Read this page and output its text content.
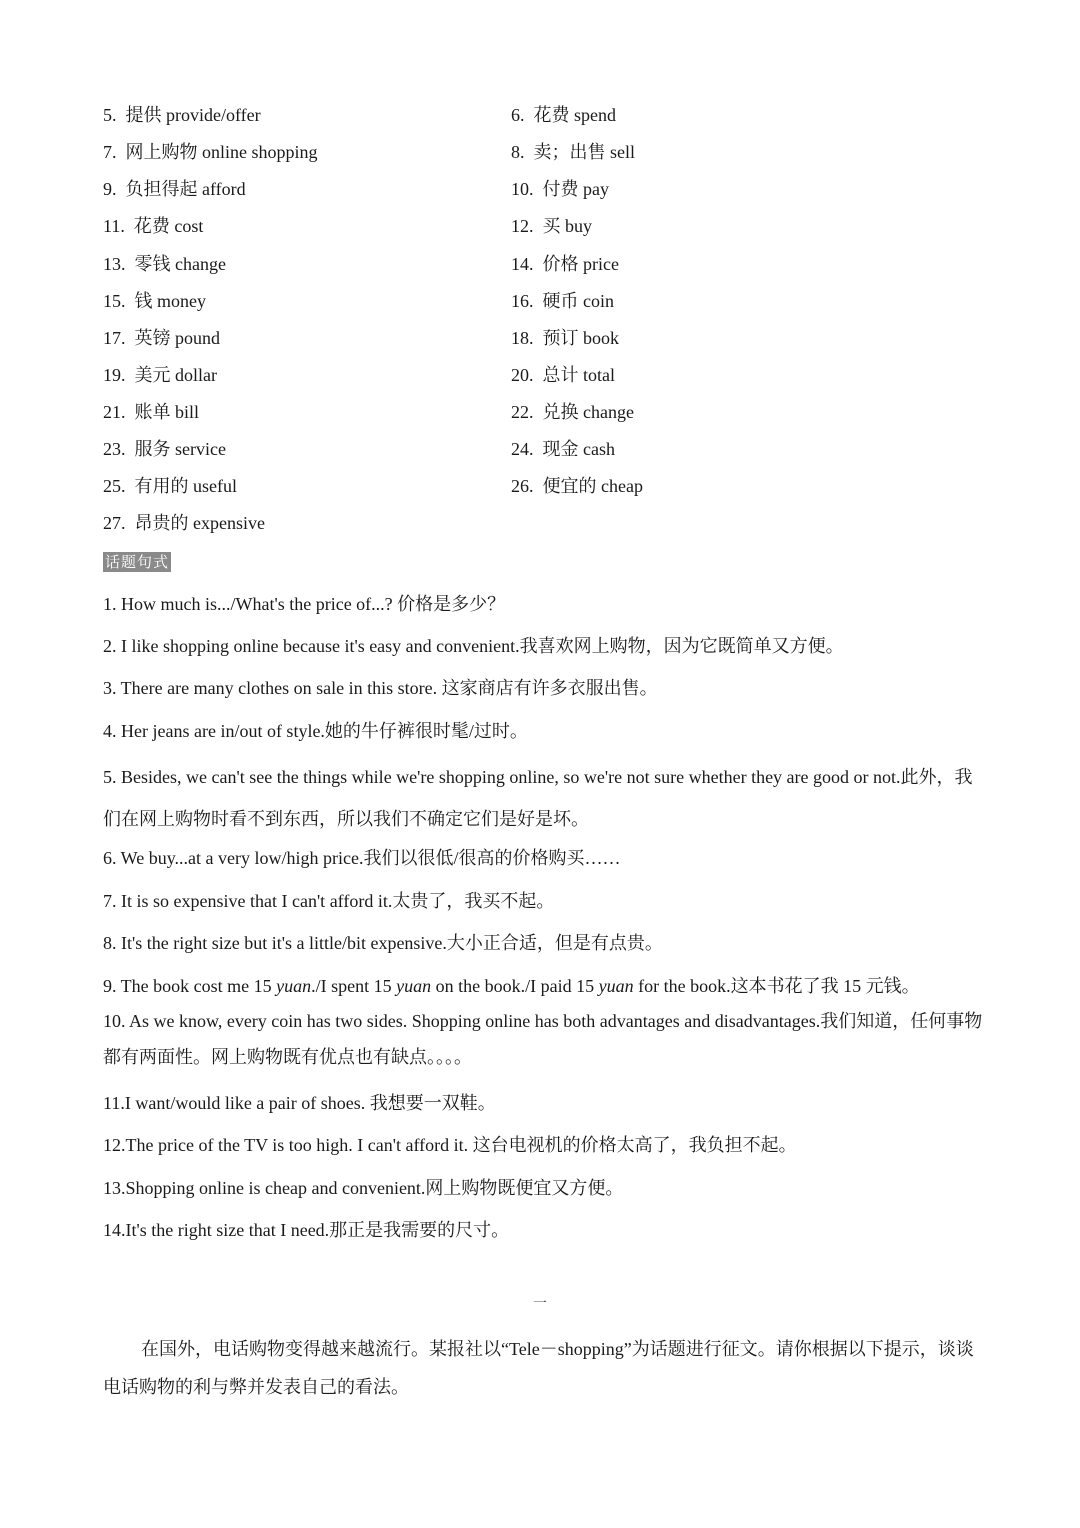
5. 提供 provide/offer	6. 花费 spend
7. 网上购物 online shopping	8. 卖；出售 sell
9. 负担得起 afford	10. 付费 pay
11. 花费 cost	12. 买 buy
13. 零钱 change	14. 价格 price
15. 钱 money	16. 硬币 coin
17. 英镑 pound	18. 预订 book
19. 美元 dollar	20. 总计 total
21. 账单 bill	22. 兑换 change
23. 服务 service	24. 现金 cash
25. 有用的 useful	26. 便宜的 cheap
27. 昂贵的 expensive
话题句式
1. How much is.../What's the price of...? 价格是多少？
2. I like shopping online because it's easy and convenient.我喜欢网上购物，因为它既简单又方便。
3. There are many clothes on sale in this store. 这家商店有许多衣服出售。
4. Her jeans are in/out of style.她的牛仔裤很时髦/过时。
5. Besides, we can't see the things while we're shopping online, so we're not sure whether they are good or not.此外，我们在网上购物时看不到东西，所以我们不确定它们是好是坏。
6. We buy...at a very low/high price.我们以很低/很高的价格购买……
7. It is so expensive that I can't afford it.太贵了，我买不起。
8. It's the right size but it's a little/bit expensive.大小正合适，但是有点贵。
9. The book cost me 15 yuan./I spent 15 yuan on the book./I paid 15 yuan for the book.这本书花了我 15 元钱。
10. As we know, every coin has two sides. Shopping online has both advantages and disadvantages.我们知道，任何事物都有两面性。网上购物既有优点也有缺点。。。。
11.I want/would like a pair of shoes. 我想要一双鞋。
12.The price of the TV is too high. I can't afford it. 这台电视机的价格太高了，我负担不起。
13.Shopping online is cheap and convenient.网上购物既便宜又方便。
14.It's the right size that I need.那正是我需要的尺寸。
一
在国外，电话购物变得越来越流行。某报社以“Tele－shopping”为话题进行征文。请你根据以下提示，谈谈电话购物的利与弊并发表自己的看法。
